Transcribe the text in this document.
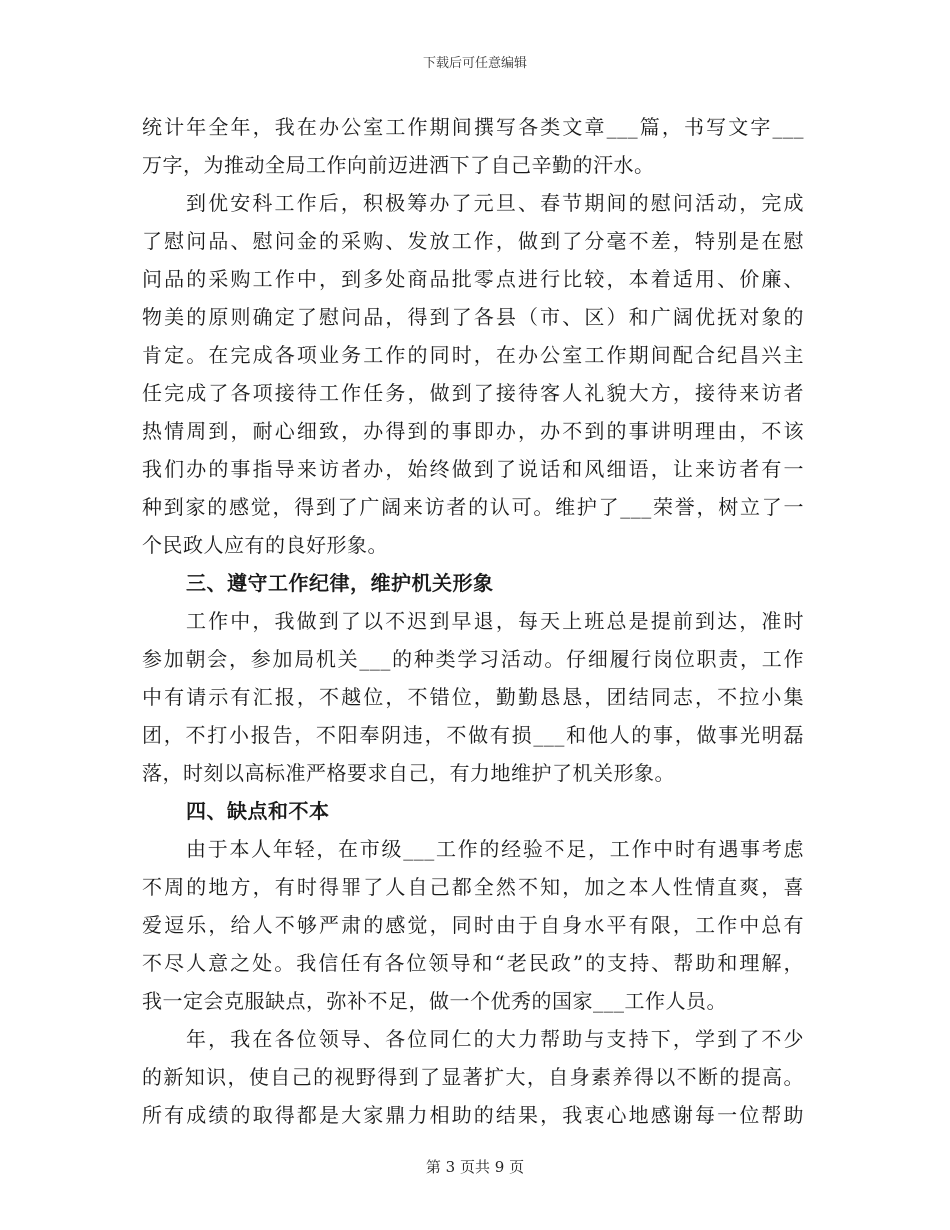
下载后可任意编辑
统计年全年，我在办公室工作期间撰写各类文章___篇，书写文字___
万字，为推动全局工作向前迈进洒下了自己辛勤的汗水。
到优安科工作后，积极筹办了元旦、春节期间的慰问活动，完成
了慰问品、慰问金的采购、发放工作，做到了分毫不差，特别是在慰
问品的采购工作中，到多处商品批零点进行比较，本着适用、价廉、
物美的原则确定了慰问品，得到了各县（市、区）和广阔优抚对象的
肯定。在完成各项业务工作的同时，在办公室工作期间配合纪昌兴主
任完成了各项接待工作任务，做到了接待客人礼貌大方，接待来访者
热情周到，耐心细致，办得到的事即办，办不到的事讲明理由，不该
我们办的事指导来访者办，始终做到了说话和风细语，让来访者有一
种到家的感觉，得到了广阔来访者的认可。维护了___荣誉，树立了一
个民政人应有的良好形象。
三、遵守工作纪律，维护机关形象
工作中，我做到了以不迟到早退，每天上班总是提前到达，准时
参加朝会，参加局机关___的种类学习活动。仔细履行岗位职责，工作
中有请示有汇报，不越位，不错位，勤勤恳恳，团结同志，不拉小集
团，不打小报告，不阳奉阴违，不做有损___和他人的事，做事光明磊
落，时刻以高标准严格要求自己，有力地维护了机关形象。
四、缺点和不本
由于本人年轻，在市级___工作的经验不足，工作中时有遇事考虑
不周的地方，有时得罪了人自己都全然不知，加之本人性情直爽，喜
爱逗乐，给人不够严肃的感觉，同时由于自身水平有限，工作中总有
不尽人意之处。我信任有各位领导和“老民政”的支持、帮助和理解，
我一定会克服缺点，弥补不足，做一个优秀的国家___工作人员。
年，我在各位领导、各位同仁的大力帮助与支持下，学到了不少
的新知识，使自己的视野得到了显著扩大，自身素养得以不断的提高。
所有成绩的取得都是大家鼎力相助的结果，我衷心地感谢每一位帮助
第 3 页共 9 页
